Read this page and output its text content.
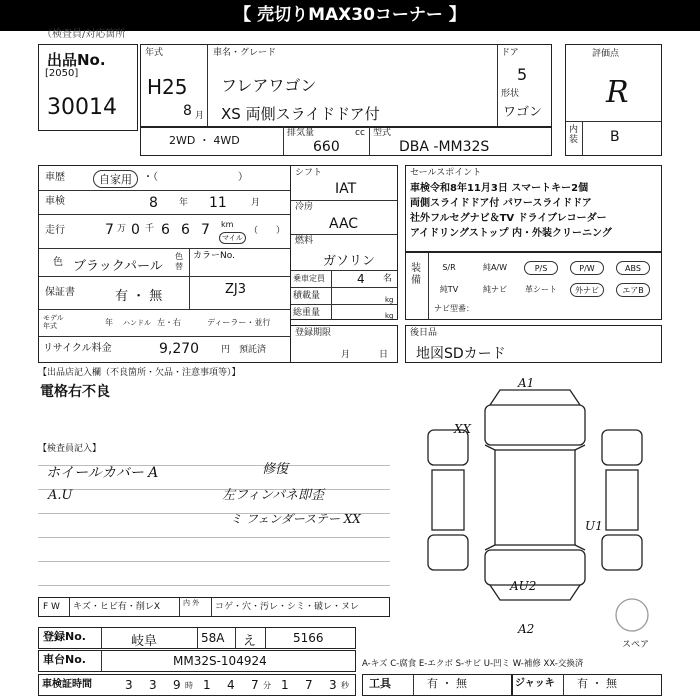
【 売切りMAX30コーナー 】
（検査員/対応箇所
出品No.
[2050]
30014
年式
H25
8 月
車名・グレード
フレアワゴン
XS 両側スライドドア付
ドア
5
形状
ワゴン
評価点
R
内装 B
2WD ・ 4WD
排気量	cc
660
型式
DBA -MM32S
車歴	自家用	・（　　　　　　　　）
車検	8 年 11	月
走行	7 万 0 千 6 6 7 km
マイル
（　　）
色 ブラックパール
色替
カラーNo.
ZJ3
保証書	有 ・ 無
モデル年式	年 ハンドル 左・右	ディーラー・並行
リサイクル料金	9,270 円 預託済
シフト
IAT
冷房
AAC
燃料
ガソリン
乗車定員	4 名
積載量	kg
総重量	kg
登録期限
月	日
セールスポイント
車検令和8年11月3日 スマートキー2個
両側スライドドア付 パワースライドドア
社外フルセグナビ＆TV ドライブレコーダー
アイドリングストップ 内・外装クリーニング
装備
S/R	純A/W	P/S	P/W	ABS
純TV	純ナビ	革シート	外ナビ	エアB
ナビ型番：
後日品
地図SDカード
【出品店記入欄（不良箇所・欠品・注意事項等）】
電格右不良
【検査員記入】
ホイールカバー A
A.U
修復
左フィンパネ即歪
ミ フェンダーステー XX
A1
XX
U1
AU2
A2
スペア
F W キズ・ヒビ有・削レX	内 外	コゲ・穴・汚レ・シミ・破レ・ヌレ
登録No.	岐阜	58A え	5166
車台No.	MM32S-104924	A-キズ C-腐食 E-エクボ S-サビ U-凹ミ W-補修 XX-交換済
車検証時間	3 3 9 1 4 7 1 7 3
時	分	秒 工具	有 ・ 無	ジャッキ 有 ・ 無
